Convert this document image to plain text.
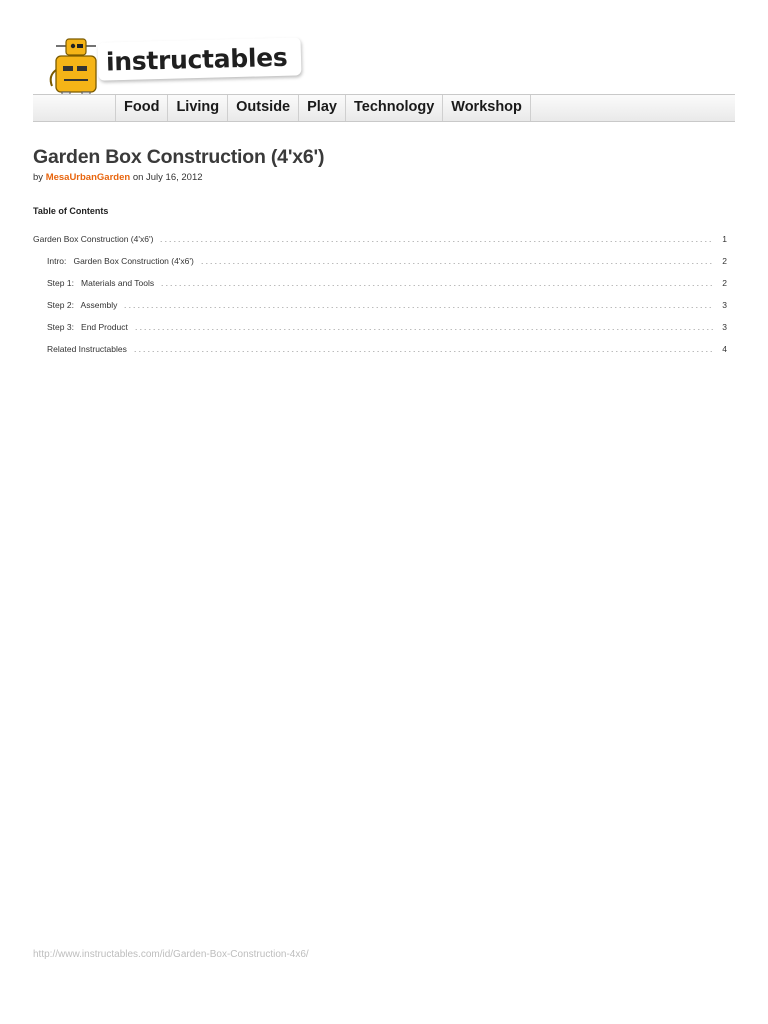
instructables
Food	Living	Outside	Play	Technology	Workshop
Garden Box Construction (4'x6')
by MesaUrbanGarden on July 16, 2012
Table of Contents
Garden Box Construction (4'x6')	1
Intro:   Garden Box Construction (4'x6')	2
Step 1:   Materials and Tools	2
Step 2:   Assembly	3
Step 3:   End Product	3
Related Instructables	4
http://www.instructables.com/id/Garden-Box-Construction-4x6/
